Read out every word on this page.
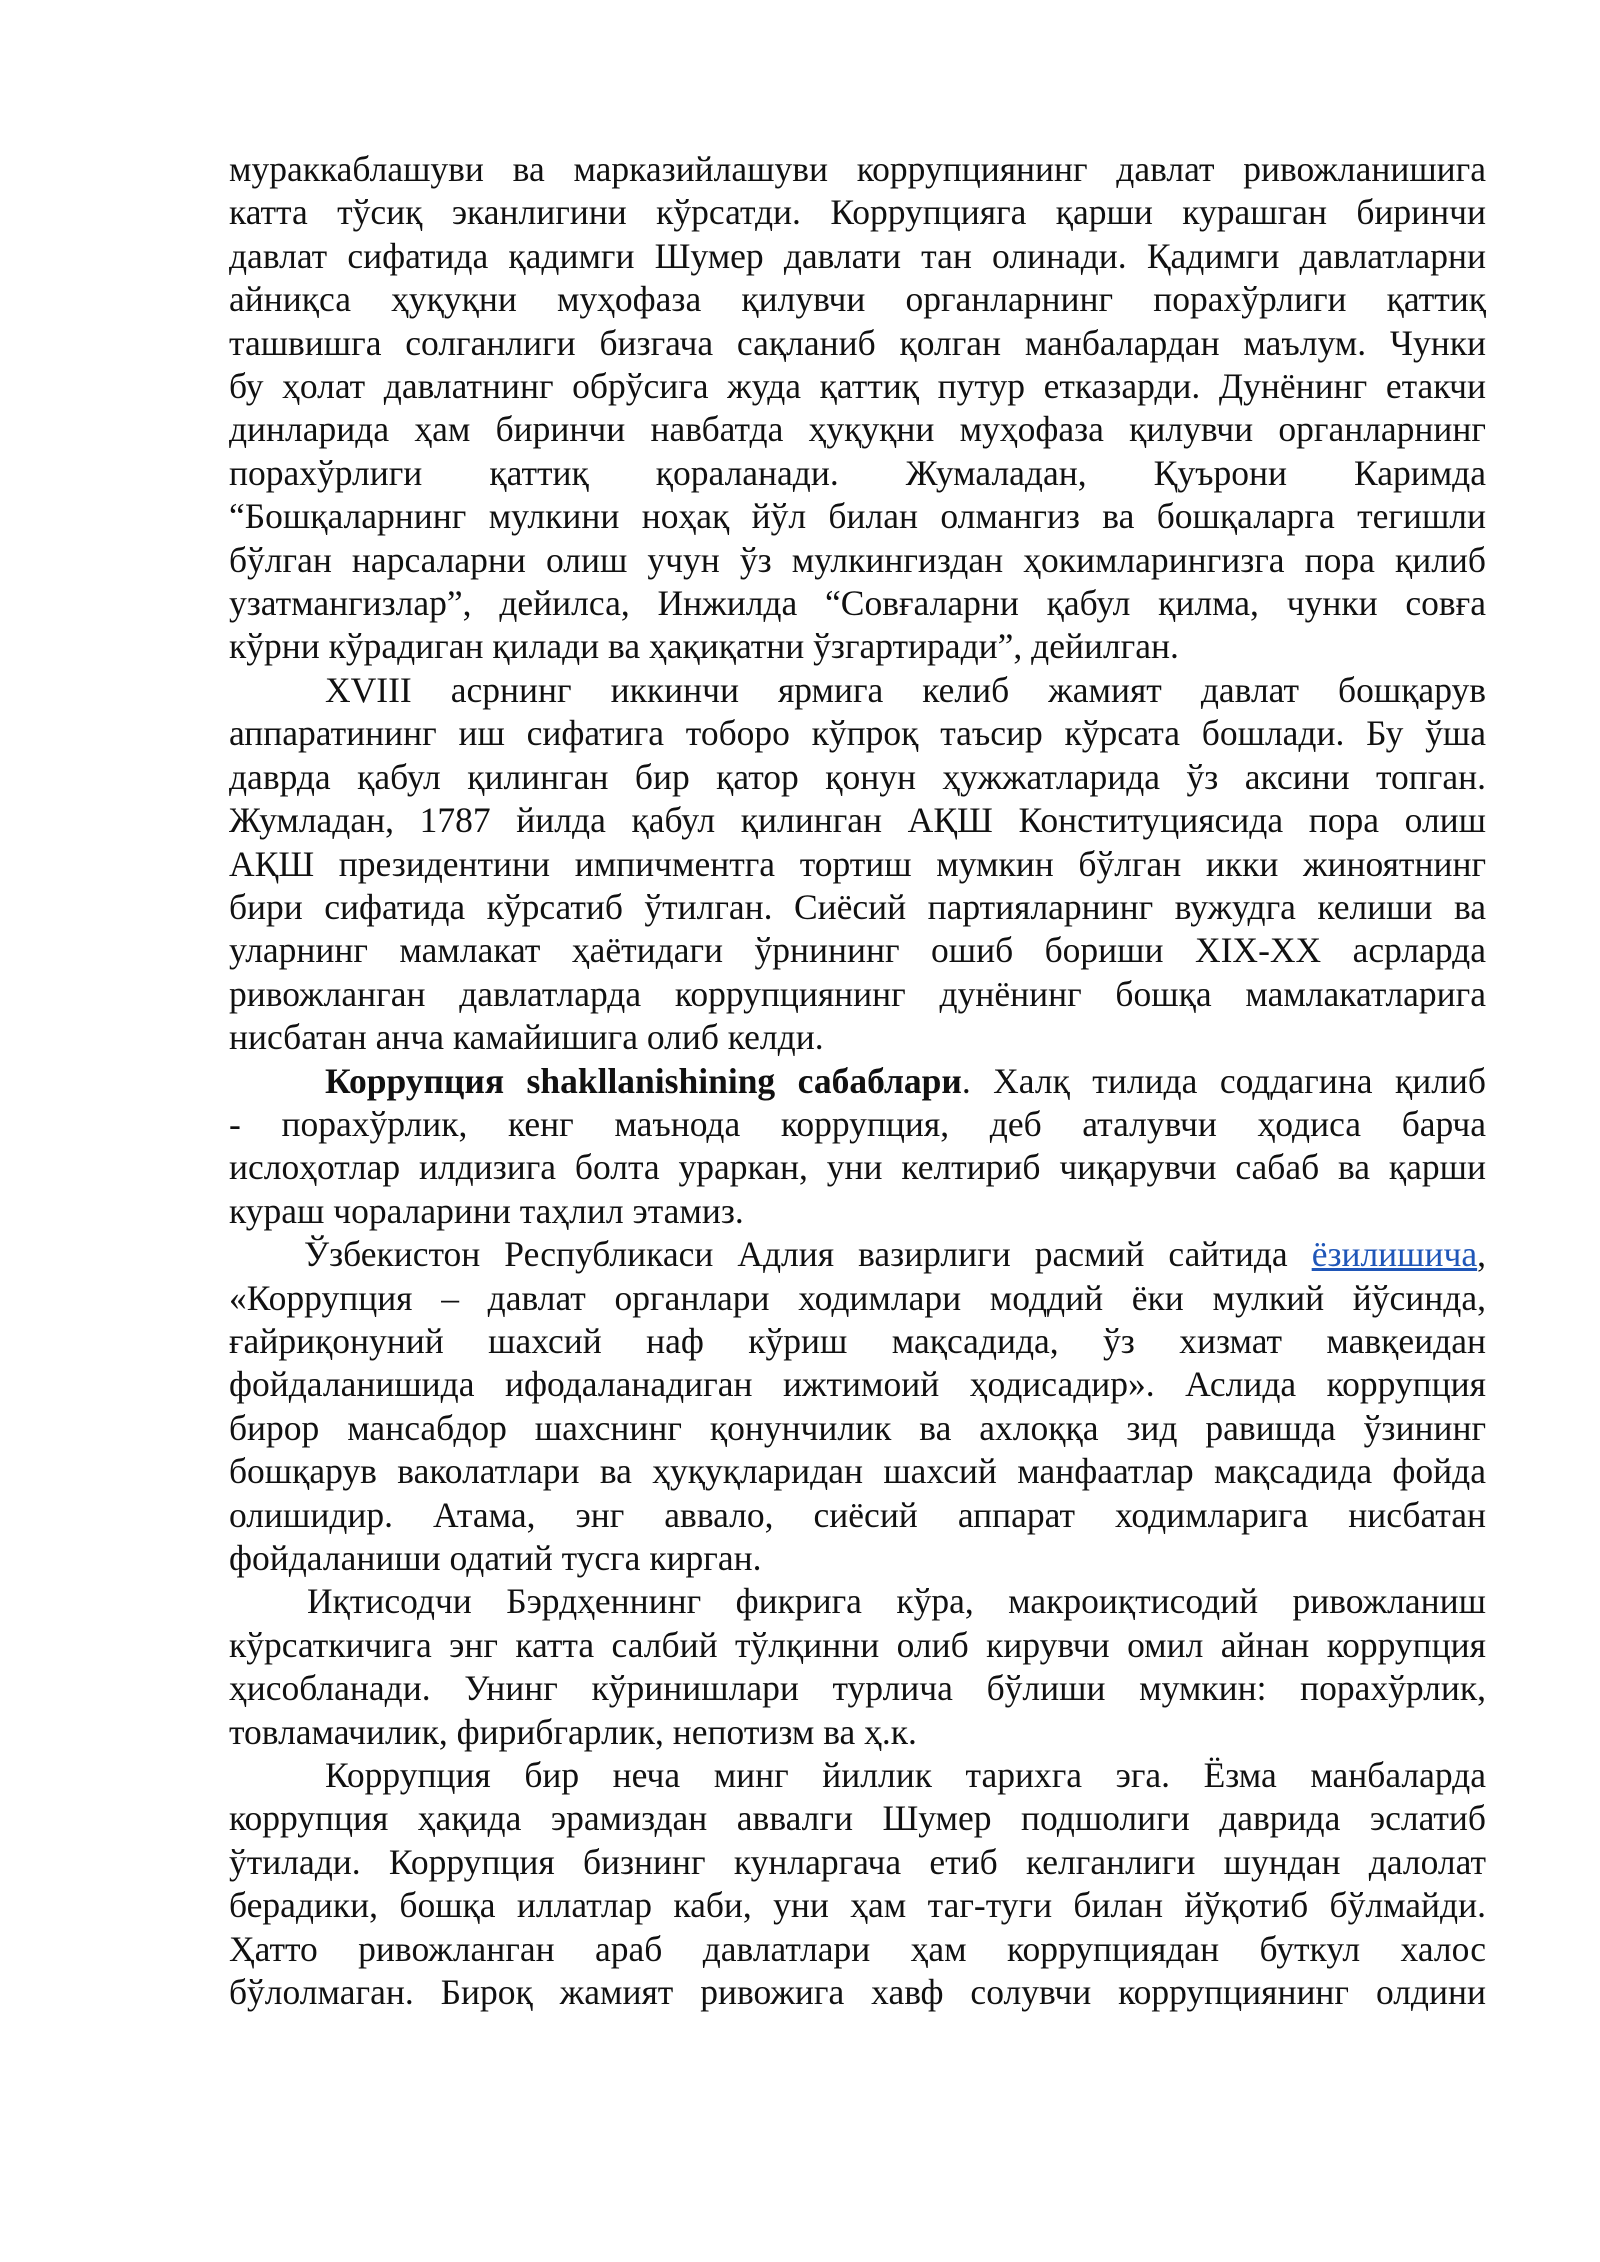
мураккаблашуви ва марказийлашуви коррупциянинг давлат ривожланишига
катта тўсиқ эканлигини кўрсатди. Коррупцияга қарши курашган биринчи
давлат сифатида қадимги Шумер давлати тан олинади. Қадимги давлатларни
айниқса ҳуқуқни муҳофаза қилувчи органларнинг порахўрлиги қаттиқ
ташвишга солганлиги бизгача сақланиб қолган манбалардан маълум. Чунки
бу ҳолат давлатнинг обрўсига жуда қаттиқ путур етказарди. Дунёнинг етакчи
динларида ҳам биринчи навбатда ҳуқуқни муҳофаза қилувчи органларнинг
порахўрлиги қаттиқ қораланади. Жумаладан, Қуърони Каримда
“Бошқаларнинг мулкини ноҳақ йўл билан олмангиз ва бошқаларга тегишли
бўлган нарсаларни олиш учун ўз мулкингиздан ҳокимларингизга пора қилиб
узатмангизлар”, дейилса, Инжилда “Совғаларни қабул қилма, чунки совға
кўрни кўрадиган қилади ва ҳақиқатни ўзгартиради”, дейилган.

XVIII асрнинг иккинчи ярмига келиб жамият давлат бошқарув
аппаратининг иш сифатига тоборо кўпроқ таъсир кўрсата бошлади. Бу ўша
даврда қабул қилинган бир қатор қонун ҳужжатларида ўз аксини топган.
Жумладан, 1787 йилда қабул қилинган АҚШ Конституциясида пора олиш
АҚШ президентини импичментга тортиш мумкин бўлган икки жиноятнинг
бири сифатида кўрсатиб ўтилган. Сиёсий партияларнинг вужудга келиши ва
уларнинг мамлакат ҳаётидаги ўрнининг ошиб бориши XIX-XX асрларда
ривожланган давлатларда коррупциянинг дунёнинг бошқа мамлакатларига
нисбатан анча камайишига олиб келди.

Коррупция shakllanishining сабаблари. Халқ тилида соддагина қилиб
- порахўрлик, кенг маънода коррупция, деб аталувчи ҳодиса барча
ислоҳотлар илдизига болта ураркан, уни келтириб чиқарувчи сабаб ва қарши
кураш чораларини таҳлил этамиз.

Ўзбекистон Республикаси Адлия вазирлиги расмий сайтида ёзилишича,
«Коррупция – давлат органлари ходимлари моддий ёки мулкий йўсинда,
ғайриқонуний шахсий наф кўриш мақсадида, ўз хизмат мавқеидан
фойдаланишида ифодаланадиган ижтимоий ҳодисадир». Аслида коррупция
бирор мансабдор шахснинг қонунчилик ва ахлоққа зид равишда ўзининг
бошқарув ваколатлари ва ҳуқуқларидан шахсий манфаатлар мақсадида фойда
олишидир. Атама, энг аввало, сиёсий аппарат ходимларига нисбатан
фойдаланиши одатий тусга кирган.

Иқтисодчи Бэрдҳеннинг фикрига кўра, макроиқтисодий ривожланиш
кўрсаткичига энг катта салбий тўлқинни олиб кирувчи омил айнан коррупция
ҳисобланади. Унинг кўринишлари турлича бўлиши мумкин: порахўрлик,
товламачилик, фирибгарлик, непотизм ва ҳ.к.

Коррупция бир неча минг йиллик тарихга эга. Ёзма манбаларда
коррупция ҳақида эрамиздан аввалги Шумер подшолиги даврида эслатиб
ўтилади. Коррупция бизнинг кунларгача етиб келганлиги шундан далолат
берадики, бошқа иллатлар каби, уни ҳам таг-туги билан йўқотиб бўлмайди.
Ҳатто ривожланган араб давлатлари ҳам коррупциядан буткул халос
бўлолмаган. Бироқ жамият ривожига хавф солувчи коррупциянинг олдини
